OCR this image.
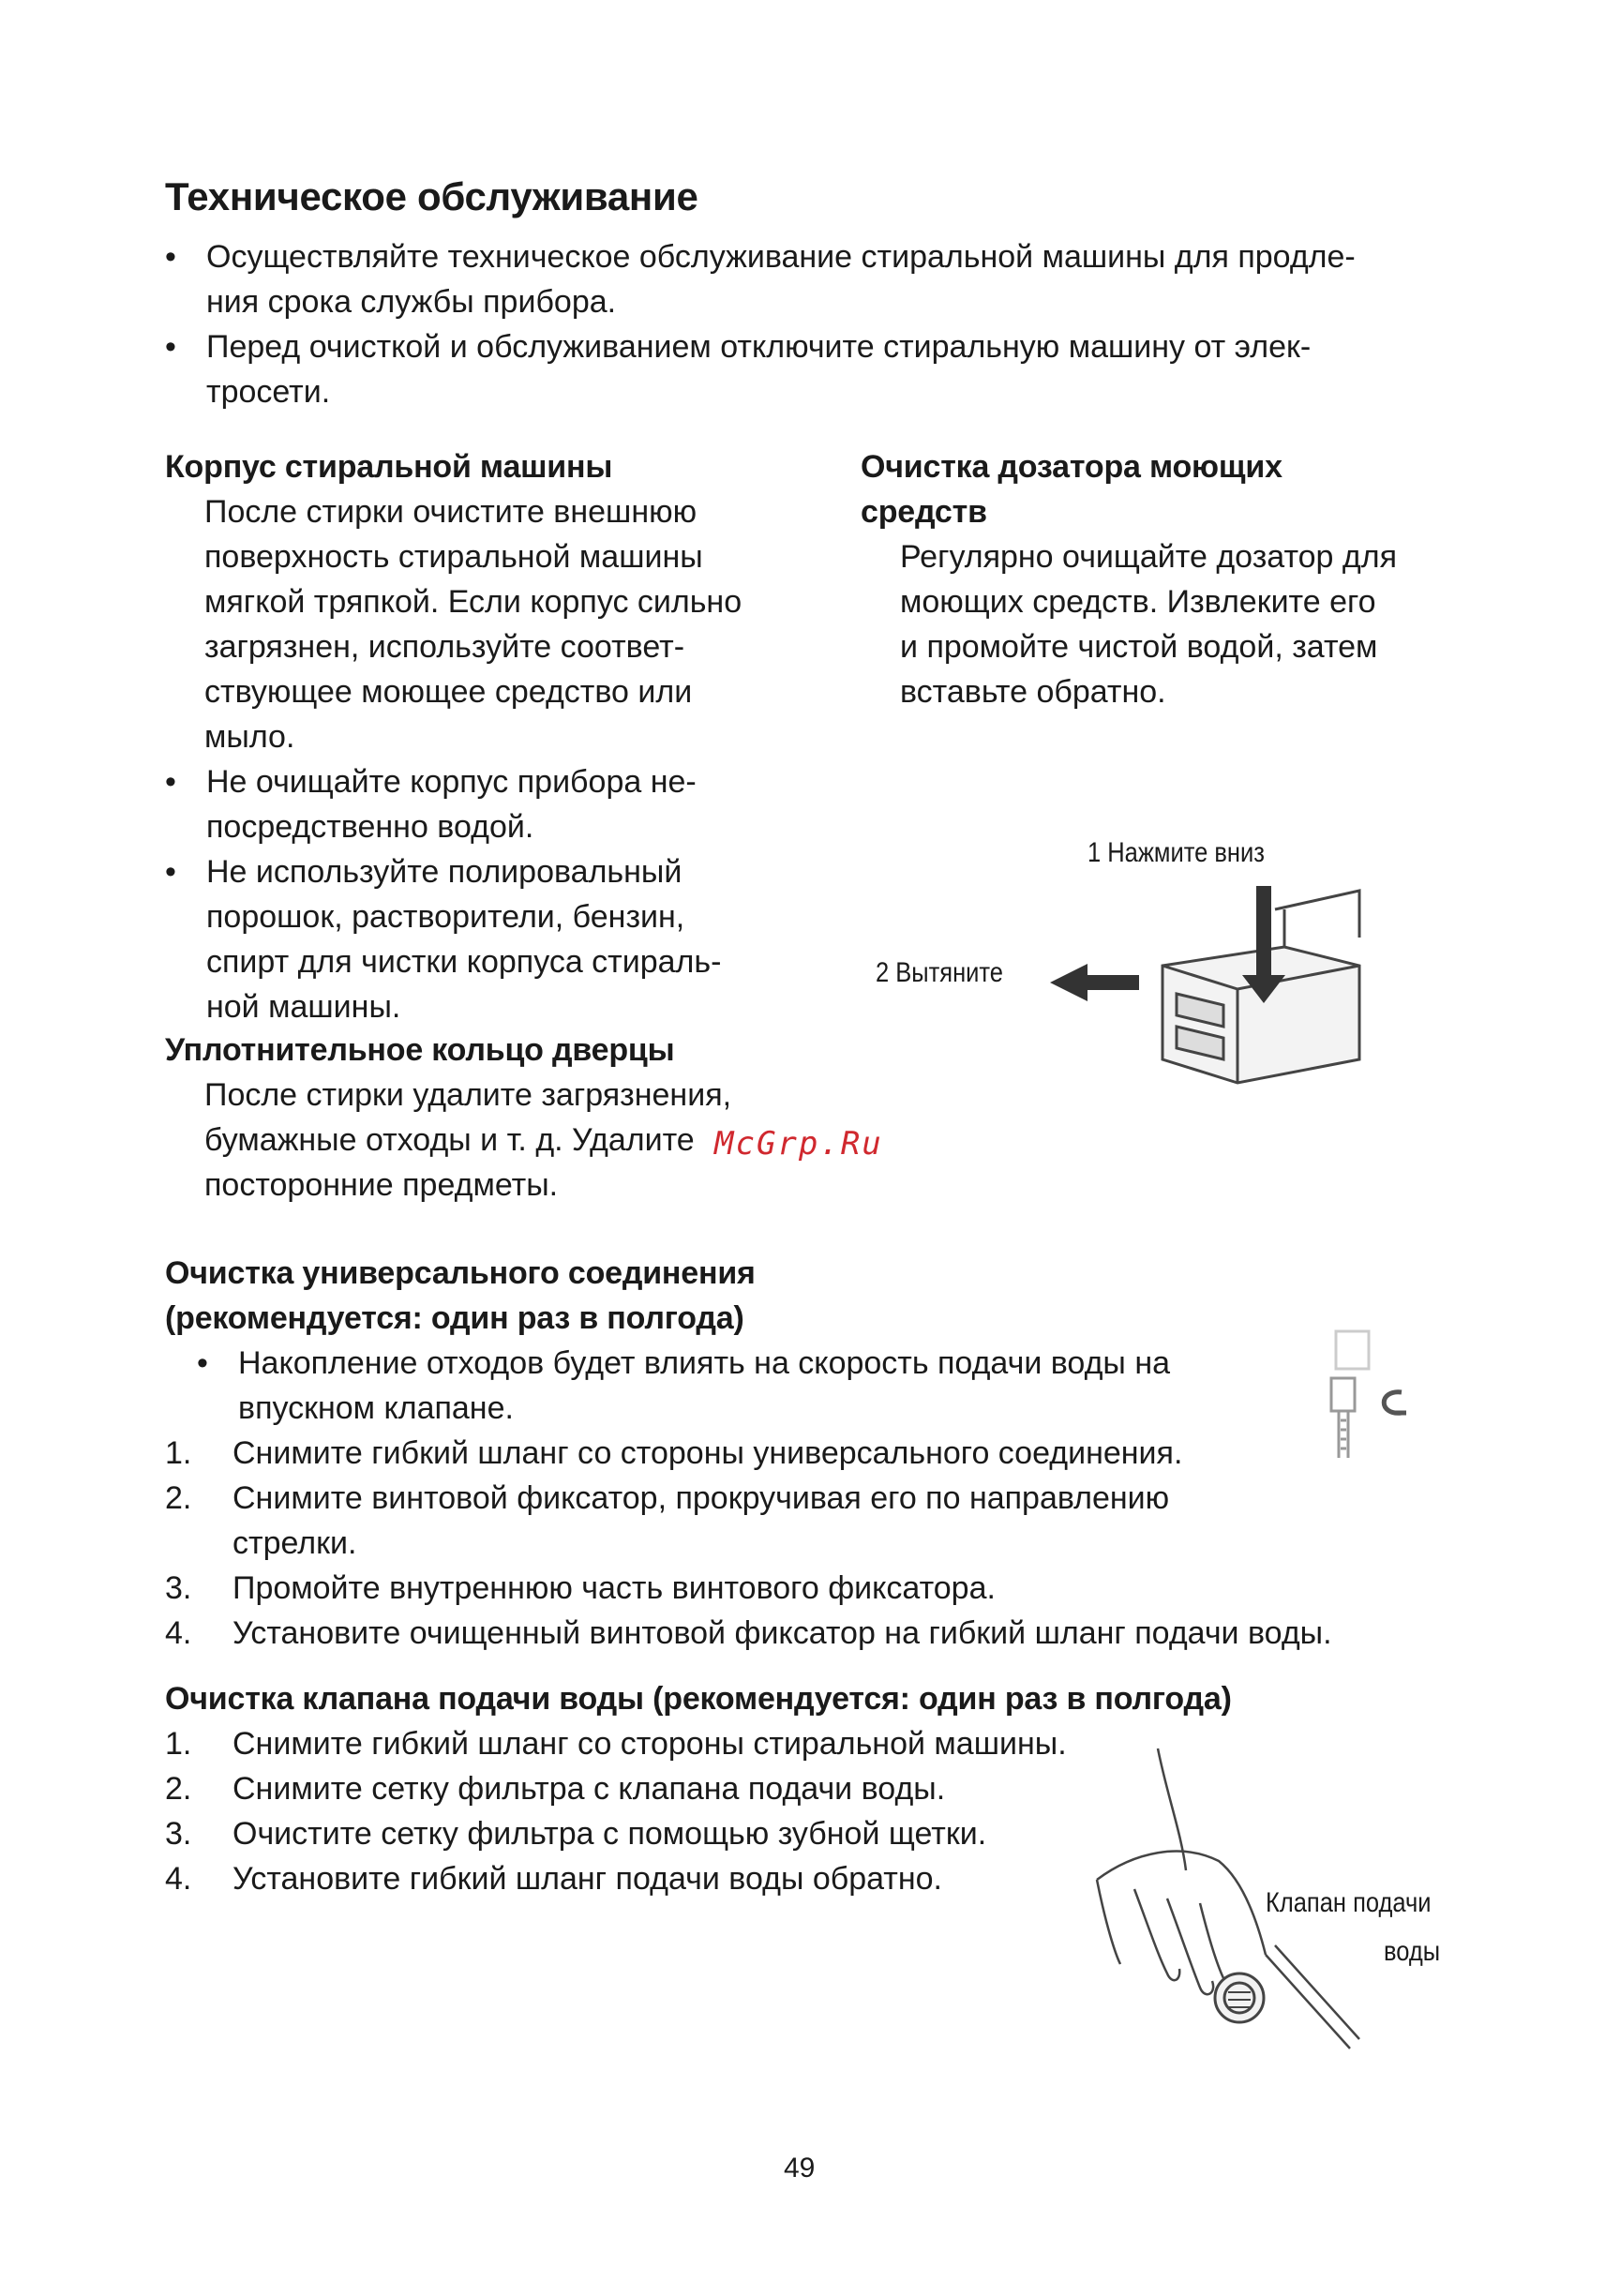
Техническое обслуживание
• Осуществляйте техническое обслуживание стиральной машины для продле-
ния срока службы прибора.
• Перед очисткой и обслуживанием отключите стиральную машину от элек-
тросети.
Корпус стиральной машины
После стирки очистите внешнюю
поверхность стиральной машины
мягкой тряпкой. Если корпус сильно
загрязнен, используйте соответ-
ствующее моющее средство или
мыло.
• Не очищайте корпус прибора не-
посредственно водой.
• Не используйте полировальный
порошок, растворители, бензин,
спирт для чистки корпуса стираль-
ной машины.
Уплотнительное кольцо дверцы
После стирки удалите загрязнения,
бумажные отходы и т. д. Удалите
посторонние предметы.
McGrp.Ru
Очистка дозатора моющих
средств
Регулярно очищайте дозатор для
моющих средств. Извлеките его
и промойте чистой водой, затем
вставьте обратно.
1 Нажмите вниз
2 Вытяните
Очистка универсального соединения
(рекомендуется: один раз в полгода)
• Накопление отходов будет влиять на скорость подачи воды на
впускном клапане.
1.	Снимите гибкий шланг со стороны универсального соединения.
2.	Снимите винтовой фиксатор, прокручивая его по направлению
стрелки.
3.	Промойте внутреннюю часть винтового фиксатора.
4.	Установите очищенный винтовой фиксатор на гибкий шланг подачи воды.
Очистка клапана подачи воды (рекомендуется: один раз в полгода)
1.	Снимите гибкий шланг со стороны стиральной машины.
2.	Снимите сетку фильтра с клапана подачи воды.
3.	Очистите сетку фильтра с помощью зубной щетки.
4.	Установите гибкий шланг подачи воды обратно.
Клапан подачи
воды
49
